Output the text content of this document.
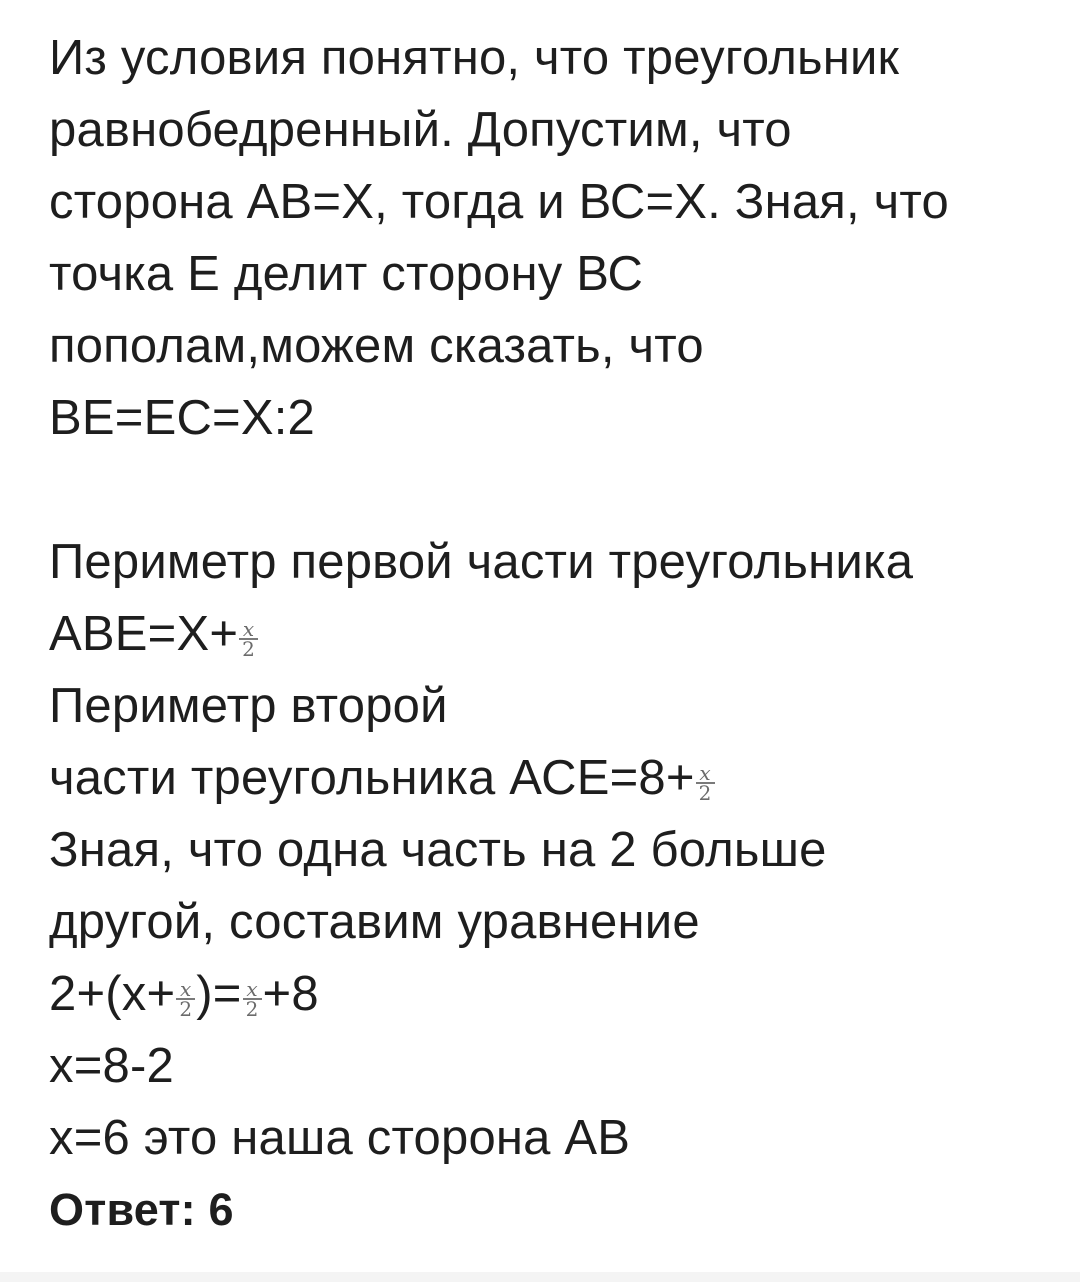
Из условия понятно, что треугольник
равнобедренный. Допустим, что
сторона АВ=Х, тогда и ВС=Х. Зная, что
точка Е делит сторону ВС
пополам,можем сказать, что
ВЕ=ЕС=Х:2
Периметр первой части треугольника
$АВЕ=Х+ \frac{x}{2}$
Периметр второй
части треугольника $АСЕ=8+ \frac{x}{2}$
Зная, что одна часть на 2 больше
другой, составим уравнение
$2+(x+ \frac{x}{2}$ )= $\frac{x}{2} +8$
x=8-2
x=6 это наша сторона АВ
Ответ: 6
